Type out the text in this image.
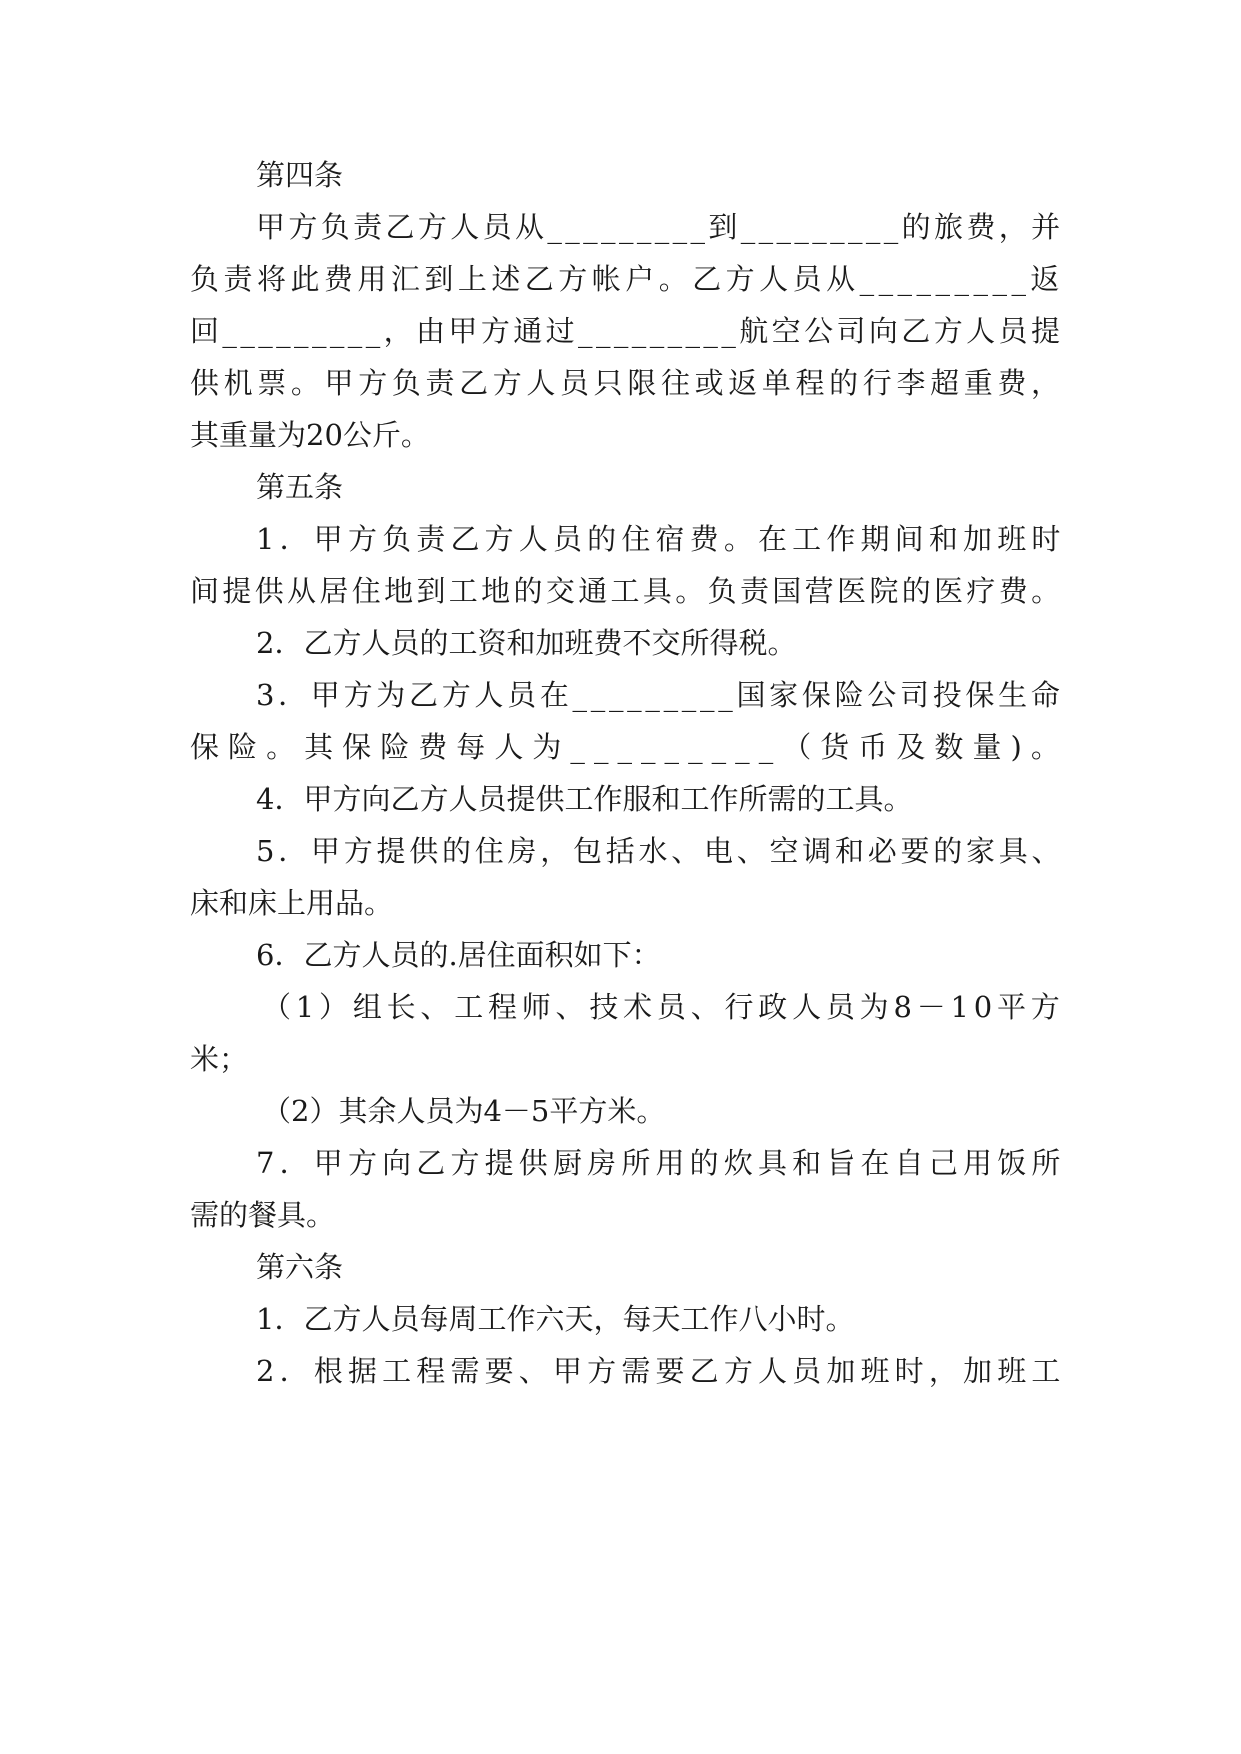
第四条
甲方负责乙方人员从_________到_________的旅费，并
负责将此费用汇到上述乙方帐户。乙方人员从_________返
回_________，由甲方通过_________航空公司向乙方人员提
供机票。甲方负责乙方人员只限往或返单程的行李超重费，
其重量为20公斤。
第五条
1．甲方负责乙方人员的住宿费。在工作期间和加班时
间提供从居住地到工地的交通工具。负责国营医院的医疗费。
2．乙方人员的工资和加班费不交所得税。
3．甲方为乙方人员在_________国家保险公司投保生命
保险。其保险费每人为_________（货币及数量)。
4．甲方向乙方人员提供工作服和工作所需的工具。
5．甲方提供的住房，包括水、电、空调和必要的家具、
床和床上用品。
6．乙方人员的.居住面积如下：
（1）组长、工程师、技术员、行政人员为8－10平方
米；
（2）其余人员为4－5平方米。
7．甲方向乙方提供厨房所用的炊具和旨在自己用饭所
需的餐具。
第六条
1．乙方人员每周工作六天，每天工作八小时。
2．根据工程需要、甲方需要乙方人员加班时，加班工
